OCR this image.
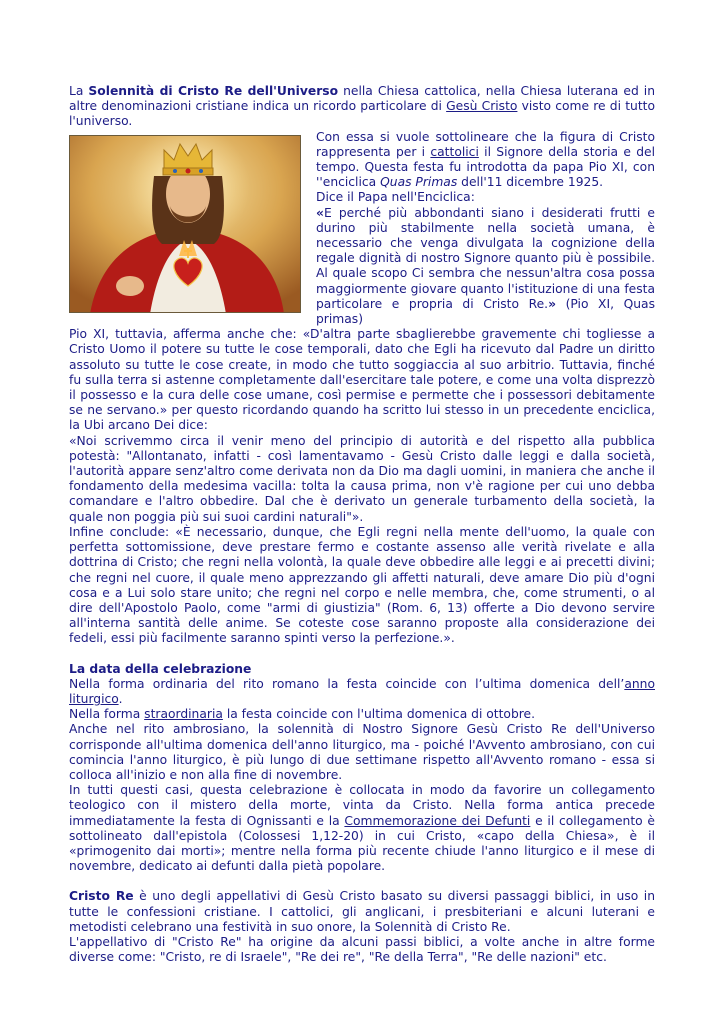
La Solennità di Cristo Re dell'Universo nella Chiesa cattolica, nella Chiesa luterana ed in altre denominazioni cristiane indica un ricordo particolare di Gesù Cristo visto come re di tutto l'universo.

Con essa si vuole sottolineare che la figura di Cristo rappresenta per i cattolici il Signore della storia e del tempo. Questa festa fu introdotta da papa Pio XI, con ''enciclica Quas Primas dell'11 dicembre 1925.

Dice il Papa nell'Enciclica:

«E perché più abbondanti siano i desiderati frutti e durino più stabilmente nella società umana, è necessario che venga divulgata la cognizione della regale dignità di nostro Signore quanto più è possibile. Al quale scopo Ci sembra che nessun'altra cosa possa maggiormente giovare quanto l'istituzione di una festa particolare e propria di Cristo Re.» (Pio XI, Quas primas)

Pio XI, tuttavia, afferma anche che: «D'altra parte sbaglierebbe gravemente chi togliesse a Cristo Uomo il potere su tutte le cose temporali, dato che Egli ha ricevuto dal Padre un diritto assoluto su tutte le cose create, in modo che tutto soggiaccia al suo arbitrio. Tuttavia, finché fu sulla terra si astenne completamente dall'esercitare tale potere, e come una volta disprezzò il possesso e la cura delle cose umane, così permise e permette che i possessori debitamente se ne servano.» per questo ricordando quando ha scritto lui stesso in un precedente enciclica, la Ubi arcano Dei dice:

«Noi scrivemmo circa il venir meno del principio di autorità e del rispetto alla pubblica potestà: "Allontanato, infatti - così lamentavamo - Gesù Cristo dalle leggi e dalla società, l'autorità appare senz'altro come derivata non da Dio ma dagli uomini, in maniera che anche il fondamento della medesima vacilla: tolta la causa prima, non v'è ragione per cui uno debba comandare e l'altro obbedire. Dal che è derivato un generale turbamento della società, la quale non poggia più sui suoi cardini naturali"».

Infine conclude: «È necessario, dunque, che Egli regni nella mente dell'uomo, la quale con perfetta sottomissione, deve prestare fermo e costante assenso alle verità rivelate e alla dottrina di Cristo; che regni nella volontà, la quale deve obbedire alle leggi e ai precetti divini; che regni nel cuore, il quale meno apprezzando gli affetti naturali, deve amare Dio più d'ogni cosa e a Lui solo stare unito; che regni nel corpo e nelle membra, che, come strumenti, o al dire dell'Apostolo Paolo, come "armi di giustizia" (Rom. 6, 13) offerte a Dio devono servire all'interna santità delle anime. Se coteste cose saranno proposte alla considerazione dei fedeli, essi più facilmente saranno spinti verso la perfezione.».

La data della celebrazione

Nella forma ordinaria del rito romano la festa coincide con l’ultima domenica dell’anno liturgico.

Nella forma straordinaria la festa coincide con l'ultima domenica di ottobre.

Anche nel rito ambrosiano, la solennità di Nostro Signore Gesù Cristo Re dell'Universo corrisponde all'ultima domenica dell'anno liturgico, ma - poiché l'Avvento ambrosiano, con cui comincia l'anno liturgico, è più lungo di due settimane rispetto all'Avvento romano - essa si colloca all'inizio e non alla fine di novembre.

In tutti questi casi, questa celebrazione è collocata in modo da favorire un collegamento teologico con il mistero della morte, vinta da Cristo. Nella forma antica precede immediatamente la festa di Ognissanti e la Commemorazione dei Defunti e il collegamento è sottolineato dall'epistola (Colossesi 1,12-20) in cui Cristo, «capo della Chiesa», è il «primogenito dai morti»; mentre nella forma più recente chiude l'anno liturgico e il mese di novembre, dedicato ai defunti dalla pietà popolare.

Cristo Re è uno degli appellativi di Gesù Cristo basato su diversi passaggi biblici, in uso in tutte le confessioni cristiane. I cattolici, gli anglicani, i presbiteriani e alcuni luterani e metodisti celebrano una festività in suo onore, la Solennità di Cristo Re.

L'appellativo di "Cristo Re" ha origine da alcuni passi biblici, a volte anche in altre forme diverse come: "Cristo, re di Israele", "Re dei re", "Re della Terra", "Re delle nazioni" etc.
